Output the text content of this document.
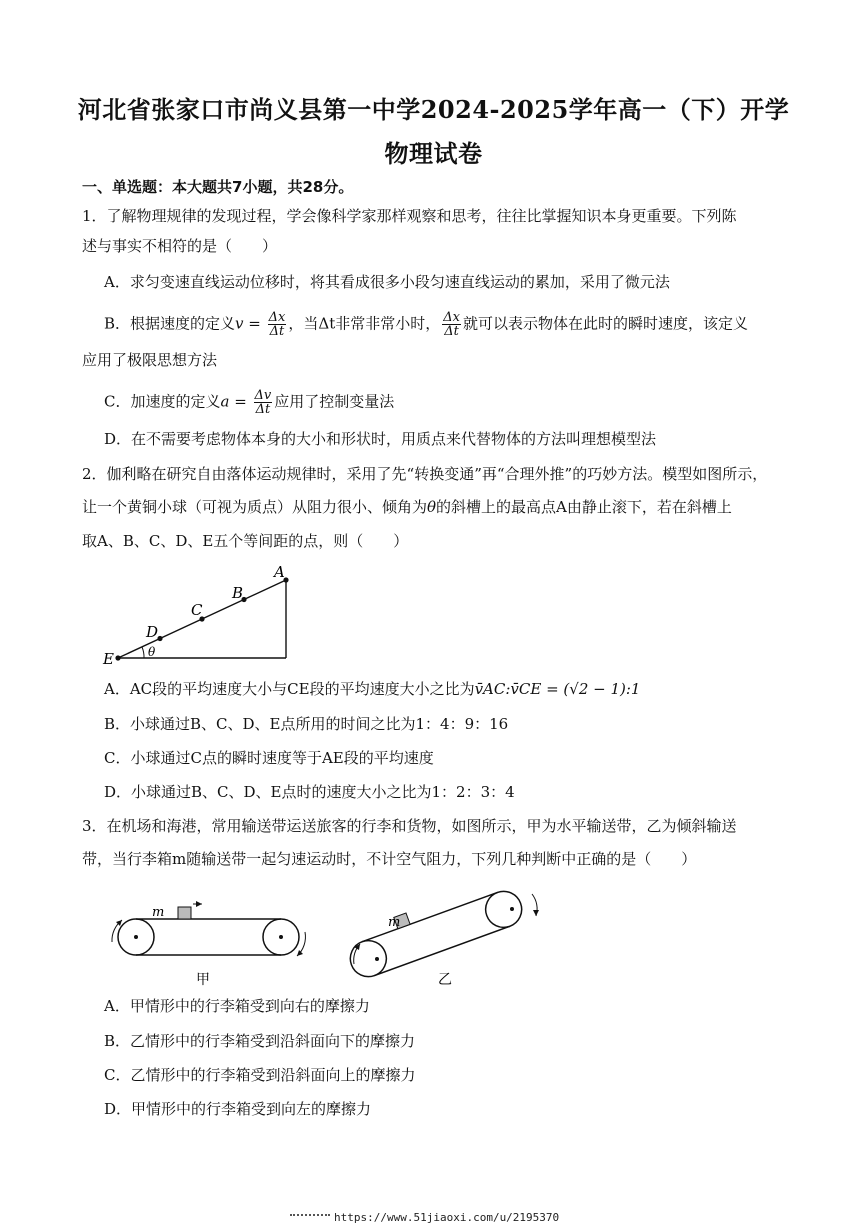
河北省张家口市尚义县第一中学2024-2025学年高一（下）开学
物理试卷
一、单选题：本大题共7小题，共28分。
1．了解物理规律的发现过程，学会像科学家那样观察和思考，往往比掌握知识本身更重要。下列陈
述与事实不相符的是（　　）
A．求匀变速直线运动位移时，将其看成很多小段匀速直线运动的累加，采用了微元法
B．根据速度的定义$v = \frac{\Delta x}{\Delta t}$ ，当Δt非常非常小时， $\frac{\Delta x}{\Delta t}$ 就可以表示物体在此时的瞬时速度，该定义
应用了极限思想方法
C．加速度的定义$a = \frac{\Delta v}{\Delta t}$ 应用了控制变量法
D．在不需要考虑物体本身的大小和形状时，用质点来代替物体的方法叫理想模型法
2．伽利略在研究自由落体运动规律时，采用了先“转换变通”再“合理外推”的巧妙方法。模型如图所示，
让一个黄铜小球（可视为质点）从阻力很小、倾角为θ的斜槽上的最高点A由静止滚下，若在斜槽上
取A、B、C、D、E五个等间距的点，则（　　）
A
B
C
D
E	θ
A．AC段的平均速度大小与CE段的平均速度大小之比为v̄AC:v̄CE = (√2 − 1):1
B．小球通过B、C、D、E点所用的时间之比为1：4：9：16
C．小球通过C点的瞬时速度等于AE段的平均速度
D．小球通过B、C、D、E点时的速度大小之比为1：2：3：4
3．在机场和海港，常用输送带运送旅客的行李和货物，如图所示，甲为水平输送带，乙为倾斜输送
带，当行李箱m随输送带一起匀速运动时，不计空气阻力，下列几种判断中正确的是（　　）
m
甲
m
乙
A．甲情形中的行李箱受到向右的摩擦力
B．乙情形中的行李箱受到沿斜面向下的摩擦力
C．乙情形中的行李箱受到沿斜面向上的摩擦力
D．甲情形中的行李箱受到向左的摩擦力
https://www.51jiaoxi.com/u/2195370
